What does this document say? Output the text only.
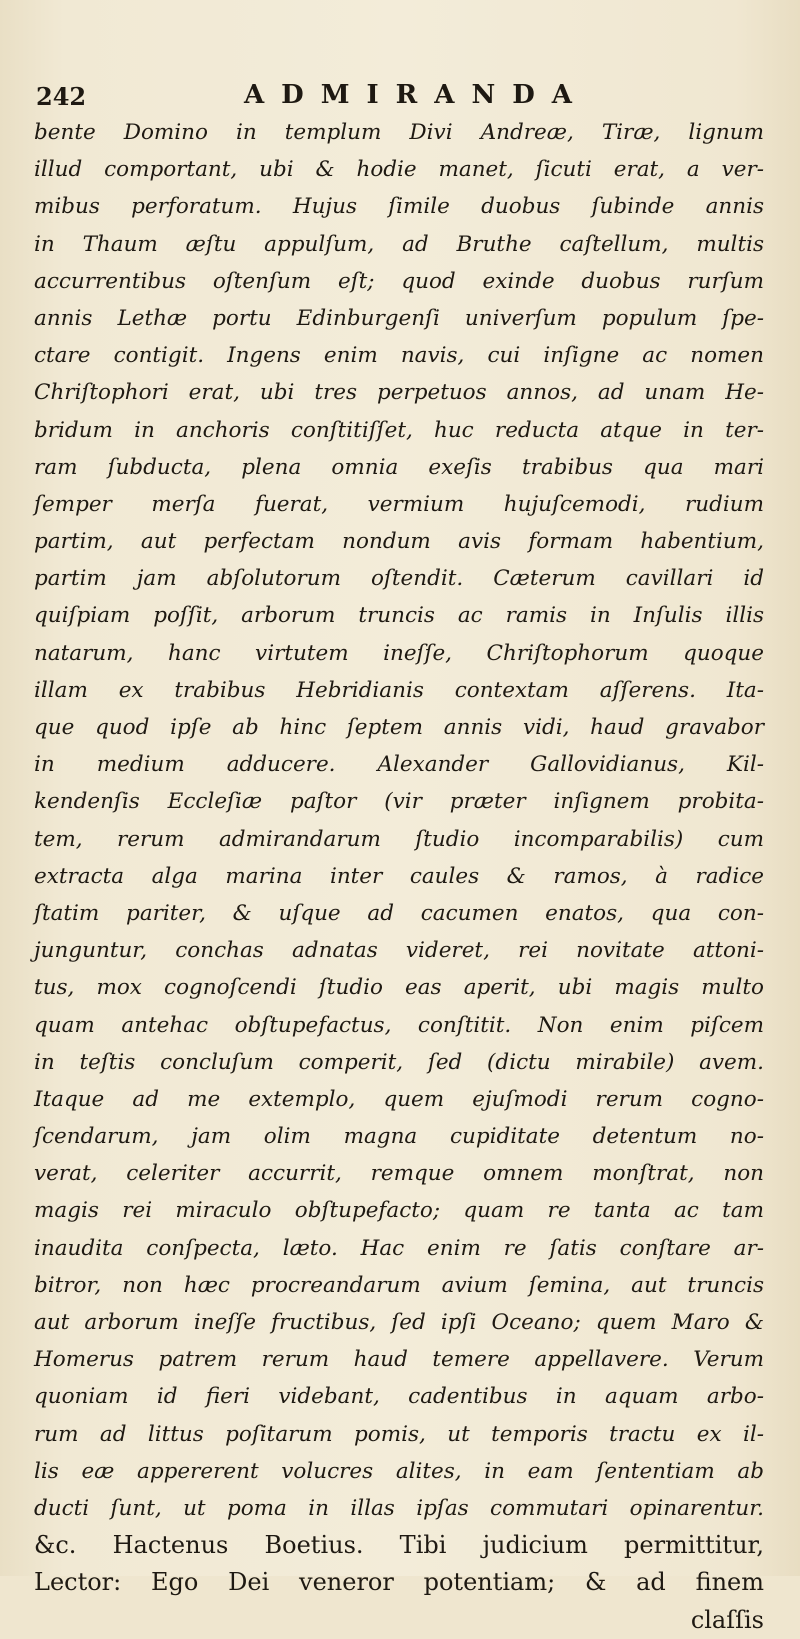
242	ADMIRANDA
bente Domino in templum Divi Andreæ, Tiræ, lignum
illud comportant, ubi & hodie manet, ſicuti erat, a ver-
mibus perforatum. Hujus ſimile duobus ſubinde annis
in Thaum æſtu appulſum, ad Bruthe caſtellum, multis
accurrentibus oſtenſum eſt; quod exinde duobus rurſum
annis Lethæ portu Edinburgenſi univerſum populum ſpe-
ctare contigit. Ingens enim navis, cui inſigne ac nomen
Chriſtophori erat, ubi tres perpetuos annos, ad unam He-
bridum in anchoris conſtitiſſet, huc reducta atque in ter-
ram ſubducta, plena omnia exeſis trabibus qua mari
ſemper merſa fuerat, vermium hujuſcemodi, rudium
partim, aut perfectam nondum avis formam habentium,
partim jam abſolutorum oſtendit. Cæterum cavillari id
quiſpiam poſſit, arborum truncis ac ramis in Inſulis illis
natarum, hanc virtutem ineſſe, Chriſtophorum quoque
illam ex trabibus Hebridianis contextam aſſerens. Ita-
que quod ipſe ab hinc ſeptem annis vidi, haud gravabor
in medium adducere. Alexander Gallovidianus, Kil-
kendenſis Eccleſiæ paſtor (vir præter inſignem probita-
tem, rerum admirandarum ſtudio incomparabilis) cum
extracta alga marina inter caules & ramos, à radice
ſtatim pariter, & uſque ad cacumen enatos, qua con-
junguntur, conchas adnatas videret, rei novitate attoni-
tus, mox cognoſcendi ſtudio eas aperit, ubi magis multo
quam antehac obſtupefactus, conſtitit. Non enim piſcem
in teſtis concluſum comperit, ſed (dictu mirabile) avem.
Itaque ad me extemplo, quem ejuſmodi rerum cogno-
ſcendarum, jam olim magna cupiditate detentum no-
verat, celeriter accurrit, remque omnem monſtrat, non
magis rei miraculo obſtupefacto; quam re tanta ac tam
inaudita conſpecta, læto. Hac enim re ſatis conſtare ar-
bitror, non hæc procreandarum avium ſemina, aut truncis
aut arborum ineſſe fructibus, ſed ipſi Oceano; quem Maro &
Homerus patrem rerum haud temere appellavere. Verum
quoniam id fieri videbant, cadentibus in aquam arbo-
rum ad littus poſitarum pomis, ut temporis tractu ex il-
lis eæ appererent volucres alites, in eam ſententiam ab
ducti ſunt, ut poma in illas ipſas commutari opinarentur.
&c. Hactenus Boetius. Tibi judicium permittitur,
Lector: Ego Dei veneror potentiam; & ad finem
claſſis
